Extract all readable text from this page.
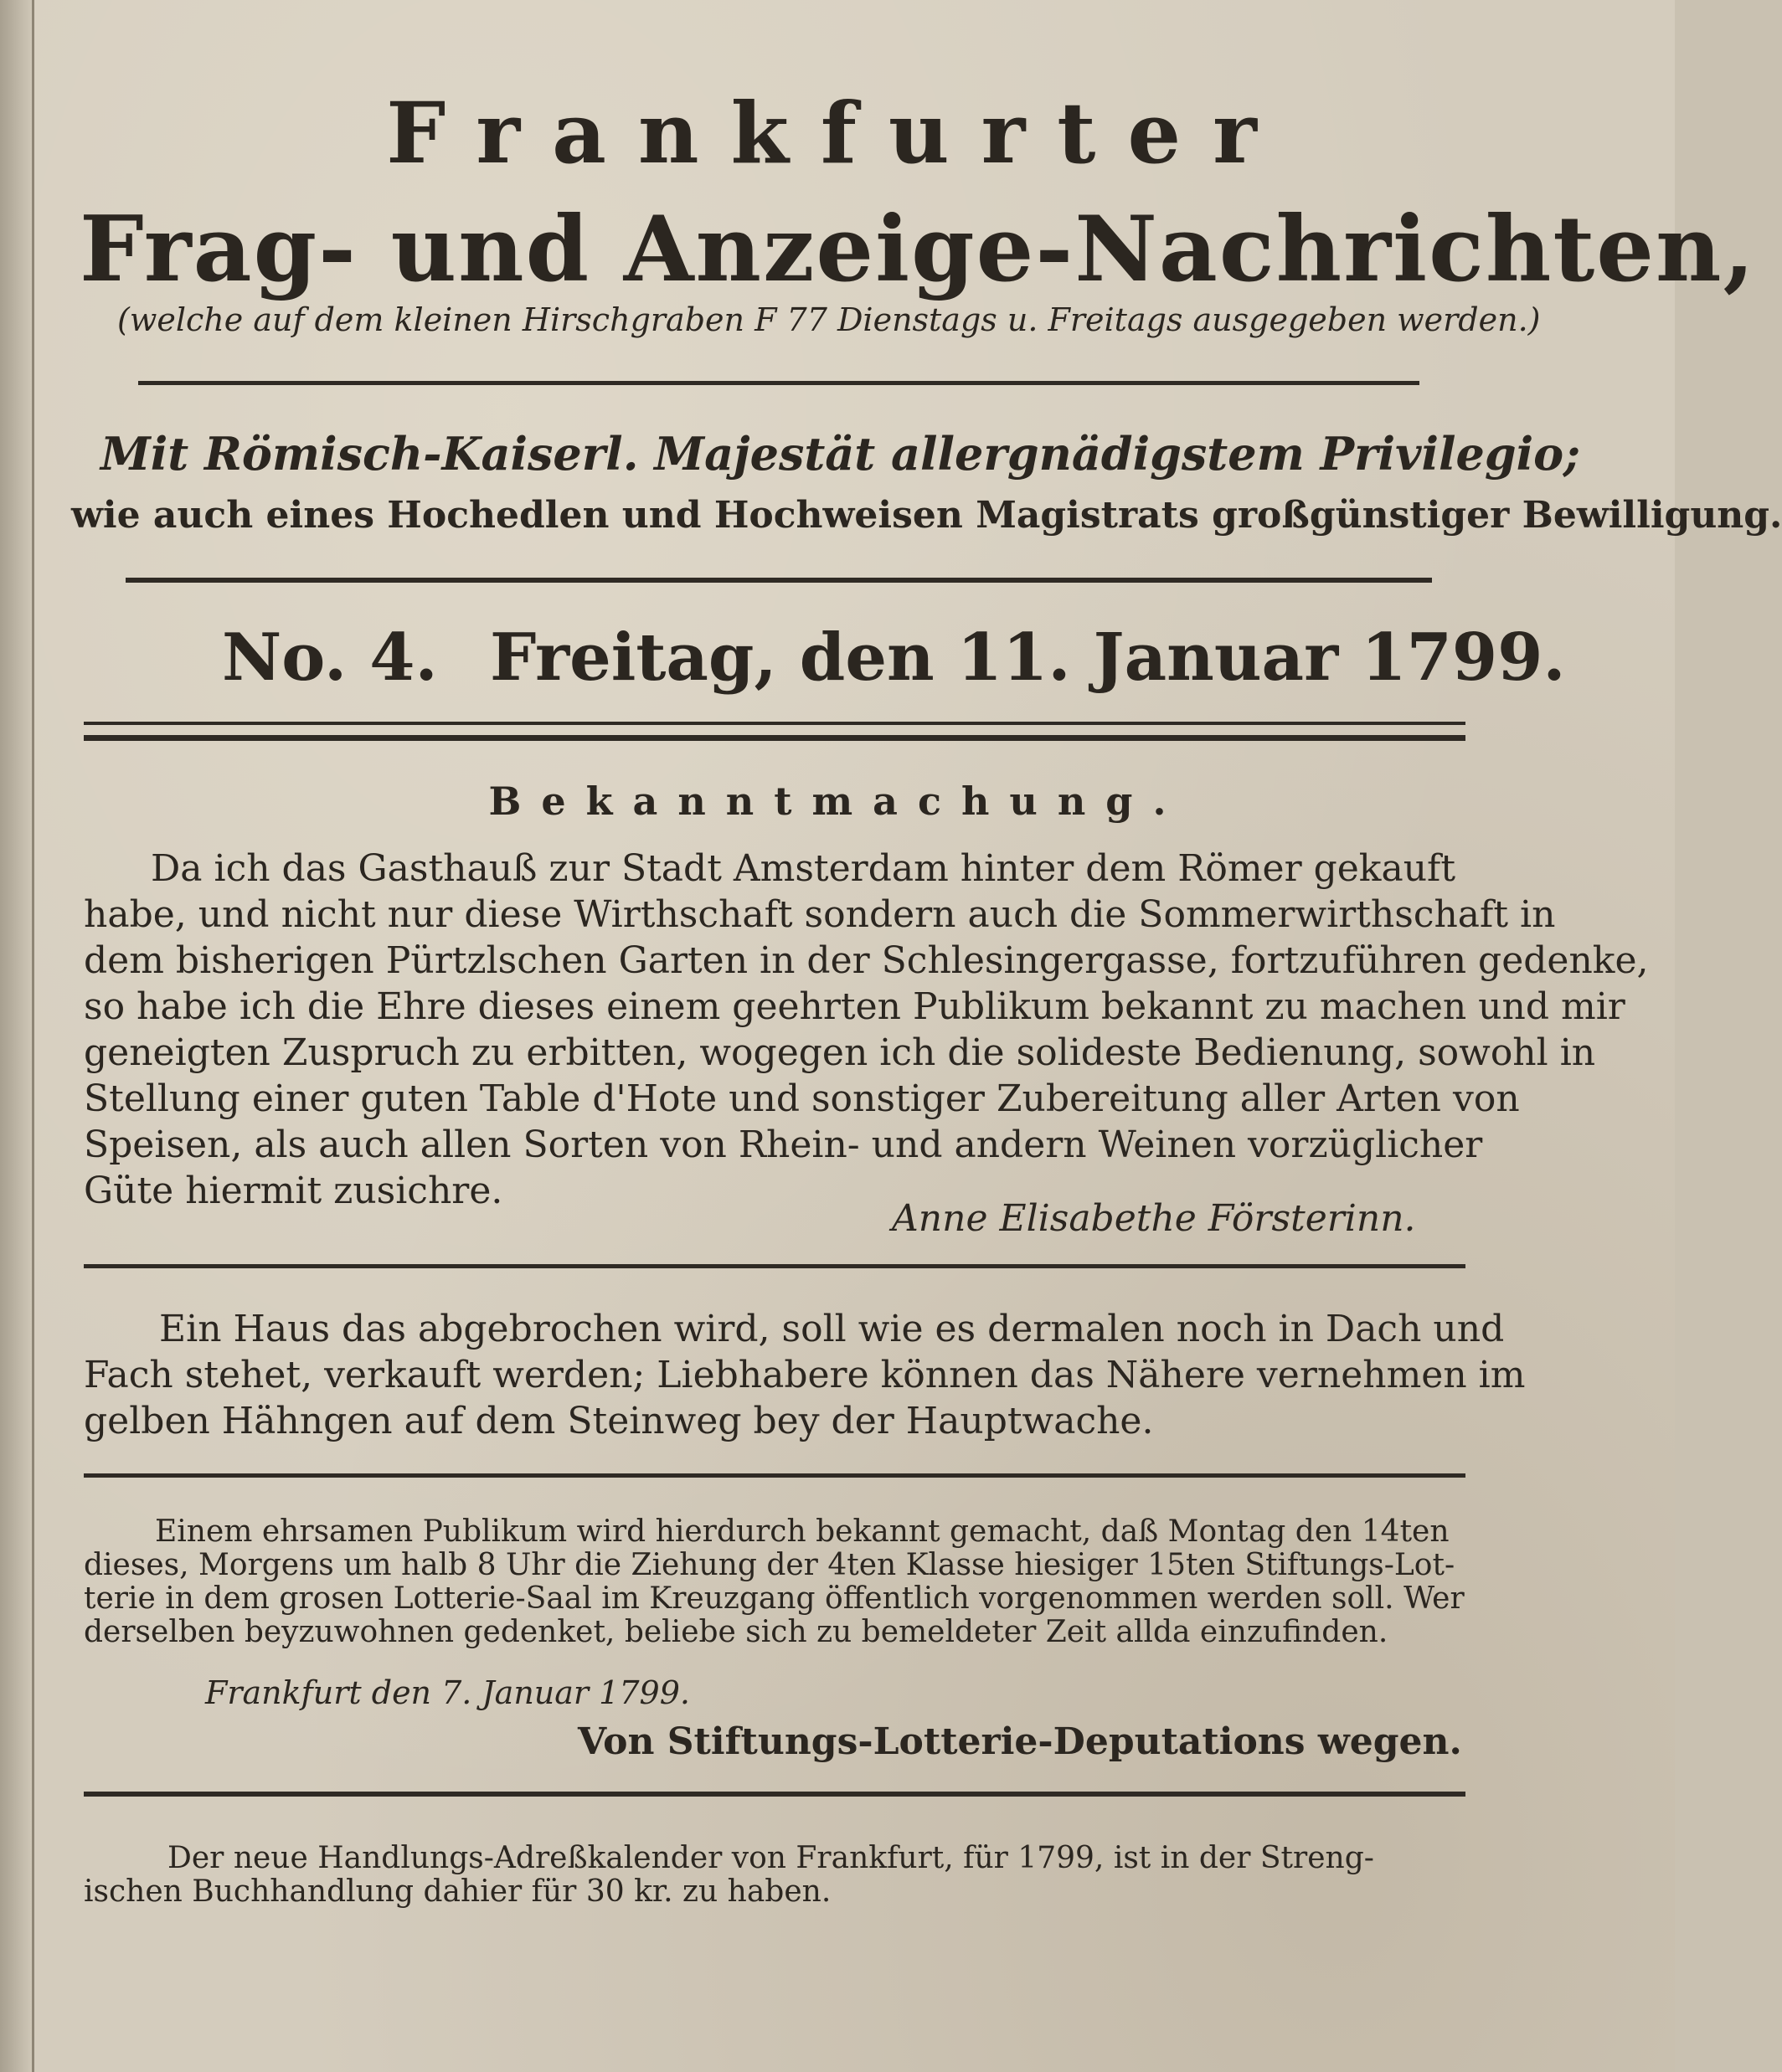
Frankfurter
Frag- und Anzeige-Nachrichten,
(welche auf dem kleinen Hirschgraben F 77 Dienstags u. Freitags ausgegeben werden.)
Mit Römisch-Kaiserl. Majestät allergnädigstem Privilegio;
wie auch eines Hochedlen und Hochweisen Magistrats großgünstiger Bewilligung.
No. 4. Freitag, den 11. Januar 1799.
Bekanntmachung.
Da ich das Gasthauß zur Stadt Amsterdam hinter dem Römer gekauft
habe, und nicht nur diese Wirthschaft sondern auch die Sommerwirthschaft in
dem bisherigen Pürtzlschen Garten in der Schlesingergasse, fortzuführen gedenke,
so habe ich die Ehre dieses einem geehrten Publikum bekannt zu machen und mir
geneigten Zuspruch zu erbitten, wogegen ich die solideste Bedienung, sowohl in
Stellung einer guten Table d'Hote und sonstiger Zubereitung aller Arten von
Speisen, als auch allen Sorten von Rhein- und andern Weinen vorzüglicher
Güte hiermit zusichre.
Anne Elisabethe Försterinn.
Ein Haus das abgebrochen wird, soll wie es dermalen noch in Dach und
Fach stehet, verkauft werden; Liebhabere können das Nähere vernehmen im
gelben Hähngen auf dem Steinweg bey der Hauptwache.
Einem ehrsamen Publikum wird hierdurch bekannt gemacht, daß Montag den 14ten
dieses, Morgens um halb 8 Uhr die Ziehung der 4ten Klasse hiesiger 15ten Stiftungs-Lot-
terie in dem grosen Lotterie-Saal im Kreuzgang öffentlich vorgenommen werden soll. Wer
derselben beyzuwohnen gedenket, beliebe sich zu bemeldeter Zeit allda einzufinden.
Frankfurt den 7. Januar 1799.
Von Stiftungs-Lotterie-Deputations wegen.
Der neue Handlungs-Adreßkalender von Frankfurt, für 1799, ist in der Streng-
ischen Buchhandlung dahier für 30 kr. zu haben.
